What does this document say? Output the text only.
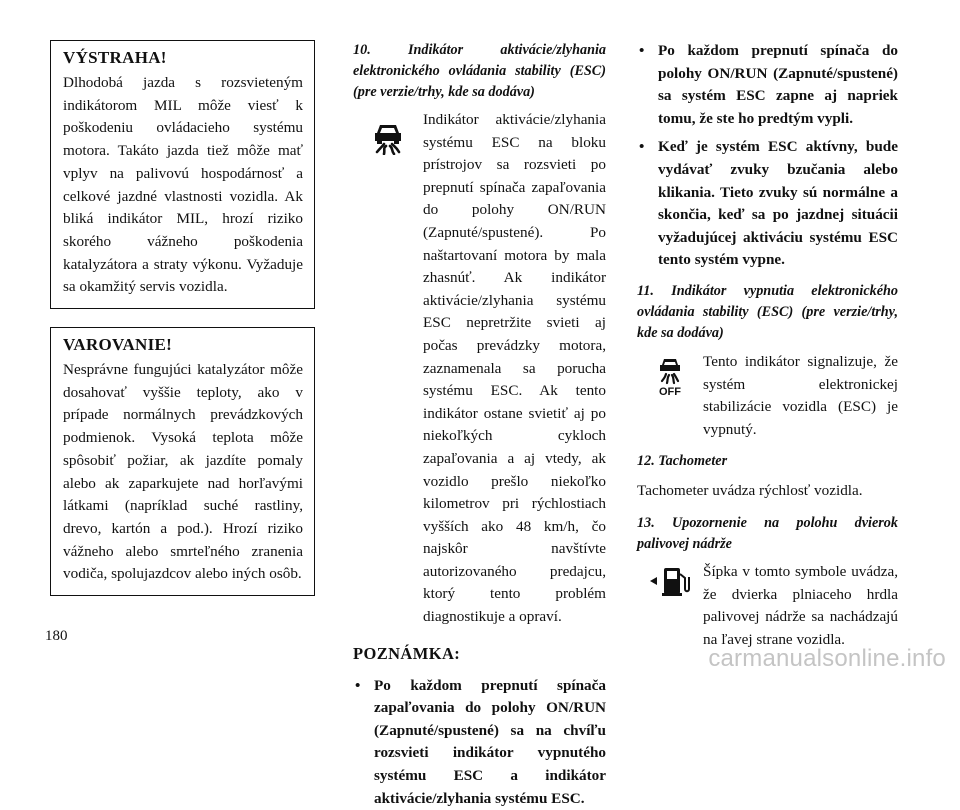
VÝSTRAHA!
Dlhodobá jazda s rozsvieteným indikátorom MIL môže viesť k poškodeniu ovládacieho systému motora. Takáto jazda tiež môže mať vplyv na palivovú hospodárnosť a celkové jazdné vlastnosti vozidla. Ak bliká indikátor MIL, hrozí riziko skorého vážneho poškodenia katalyzátora a straty výkonu. Vyžaduje sa okamžitý servis vozidla.
VAROVANIE!
Nesprávne fungujúci katalyzátor môže dosahovať vyššie teploty, ako v prípade normálnych prevádzkových podmienok. Vysoká teplota môže spôsobiť požiar, ak jazdíte pomaly alebo ak zaparkujete nad horľavými látkami (napríklad suché rastliny, drevo, kartón a pod.). Hrozí riziko vážneho alebo smrteľného zranenia vodiča, spolujazdcov alebo iných osôb.
10. Indikátor aktivácie/zlyhania elektronického ovládania stability (ESC) (pre verzie/trhy, kde sa dodáva)
Indikátor aktivácie/zlyhania systému ESC na bloku prístrojov sa rozsvieti po prepnutí spínača zapaľovania do polohy ON/RUN (Zapnuté/spustené). Po naštartovaní motora by mala zhasnúť. Ak indikátor aktivácie/zlyhania systému ESC nepretržite svieti aj počas prevádzky motora, zaznamenala sa porucha systému ESC. Ak tento indikátor ostane svietiť aj po niekoľkých cykloch zapaľovania a aj vtedy, ak vozidlo prešlo niekoľko kilometrov pri rýchlostiach vyšších ako 48 km/h, čo najskôr navštívte autorizovaného predajcu, ktorý tento problém diagnostikuje a opraví.
POZNÁMKA:
• Po každom prepnutí spínača zapaľovania do polohy ON/RUN (Zapnuté/spustené) sa na chvíľu rozsvieti indikátor vypnutého systému ESC a indikátor aktivácie/zlyhania systému ESC.
• Po každom prepnutí spínača do polohy ON/RUN (Zapnuté/spustené) sa systém ESC zapne aj napriek tomu, že ste ho predtým vypli.
• Keď je systém ESC aktívny, bude vydávať zvuky bzučania alebo klikania. Tieto zvuky sú normálne a skončia, keď sa po jazdnej situácii vyžadujúcej aktiváciu systému ESC tento systém vypne.
11. Indikátor vypnutia elektronického ovládania stability (ESC) (pre verzie/trhy, kde sa dodáva)
OFF
Tento indikátor signalizuje, že systém elektronickej stabilizácie vozidla (ESC) je vypnutý.
12. Tachometer
Tachometer uvádza rýchlosť vozidla.
13. Upozornenie na polohu dvierok palivovej nádrže
Šípka v tomto symbole uvádza, že dvierka plniaceho hrdla palivovej nádrže sa nachádzajú na ľavej strane vozidla.
180
carmanualsonline.info
